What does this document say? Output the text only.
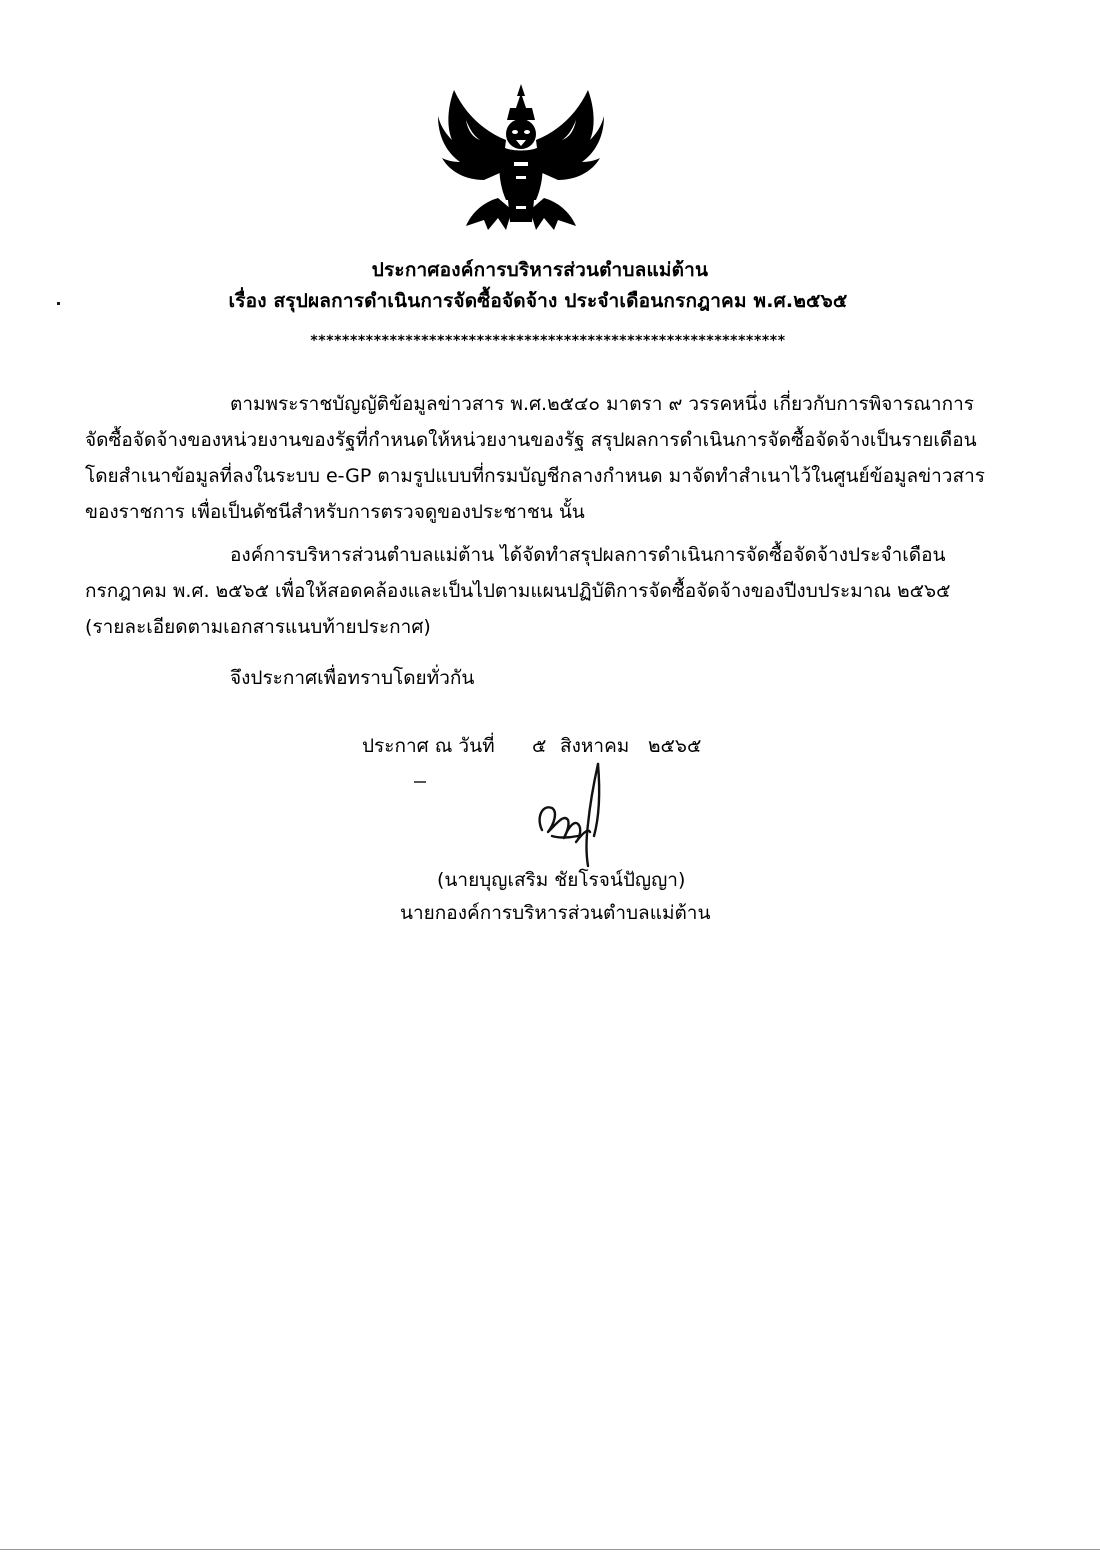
ประกาศองค์การบริหารส่วนตำบลแม่ต้าน
เรื่อง สรุปผลการดำเนินการจัดซื้อจัดจ้าง ประจำเดือนกรกฎาคม พ.ศ.๒๕๖๕
************************************************************
ตามพระราชบัญญัติข้อมูลข่าวสาร พ.ศ.๒๕๔๐ มาตรา ๙ วรรคหนึ่ง เกี่ยวกับการพิจารณาการ
จัดซื้อจัดจ้างของหน่วยงานของรัฐที่กำหนดให้หน่วยงานของรัฐ สรุปผลการดำเนินการจัดซื้อจัดจ้างเป็นรายเดือน
โดยสำเนาข้อมูลที่ลงในระบบ e-GP ตามรูปแบบที่กรมบัญชีกลางกำหนด มาจัดทำสำเนาไว้ในศูนย์ข้อมูลข่าวสาร
ของราชการ เพื่อเป็นดัชนีสำหรับการตรวจดูของประชาชน นั้น
องค์การบริหารส่วนตำบลแม่ต้าน ได้จัดทำสรุปผลการดำเนินการจัดซื้อจัดจ้างประจำเดือน
กรกฎาคม พ.ศ. ๒๕๖๕ เพื่อให้สอดคล้องและเป็นไปตามแผนปฏิบัติการจัดซื้อจัดจ้างของปีงบประมาณ ๒๕๖๕
(รายละเอียดตามเอกสารแนบท้ายประกาศ)
จึงประกาศเพื่อทราบโดยทั่วกัน
ประกาศ ณ วันที่ ๕ สิงหาคม ๒๕๖๕
(นายบุญเสริม ชัยโรจน์ปัญญา)
นายกองค์การบริหารส่วนตำบลแม่ต้าน
